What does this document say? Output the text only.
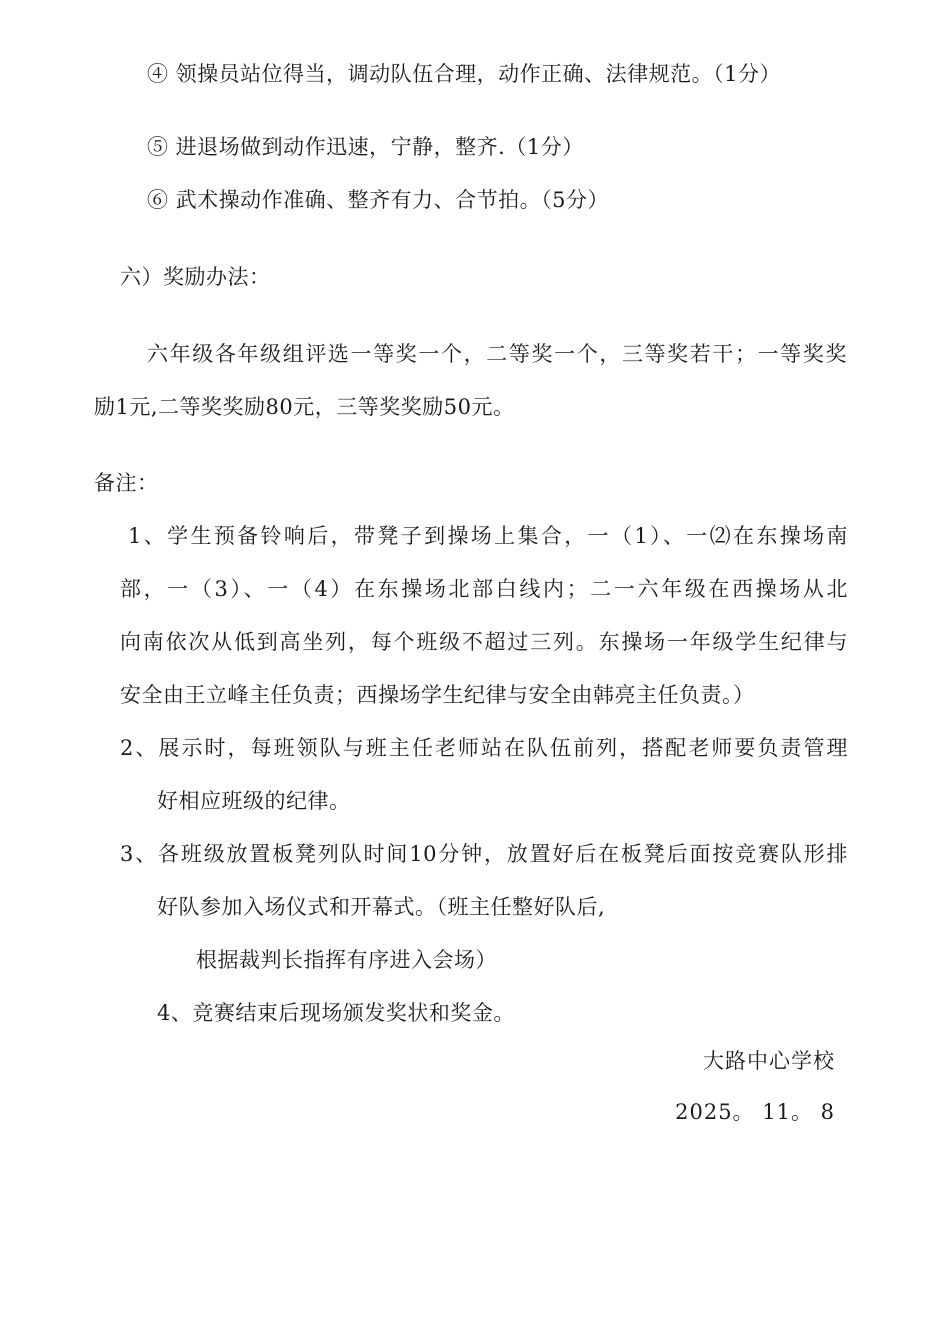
④ 领操员站位得当，调动队伍合理，动作正确、法律规范。（1分）
⑤ 进退场做到动作迅速，宁静，整齐.（1分）
⑥ 武术操动作准确、整齐有力、合节拍。（5分）
六）奖励办法：
六年级各年级组评选一等奖一个，二等奖一个，三等奖若干；一等奖奖
励1元,二等奖奖励80元，三等奖奖励50元。
备注：
1、学生预备铃响后，带凳子到操场上集合，一（1）、一⑵在东操场南
部，一（3）、一（4）在东操场北部白线内；二一六年级在西操场从北
向南依次从低到高坐列，每个班级不超过三列。东操场一年级学生纪律与
安全由王立峰主任负责；西操场学生纪律与安全由韩亮主任负责。）
2、展示时，每班领队与班主任老师站在队伍前列，搭配老师要负责管理
好相应班级的纪律。
3、各班级放置板凳列队时间10分钟，放置好后在板凳后面按竞赛队形排
好队参加入场仪式和开幕式。（班主任整好队后,
根据裁判长指挥有序进入会场）
4、竞赛结束后现场颁发奖状和奖金。
大路中心学校
2025。 11。 8
